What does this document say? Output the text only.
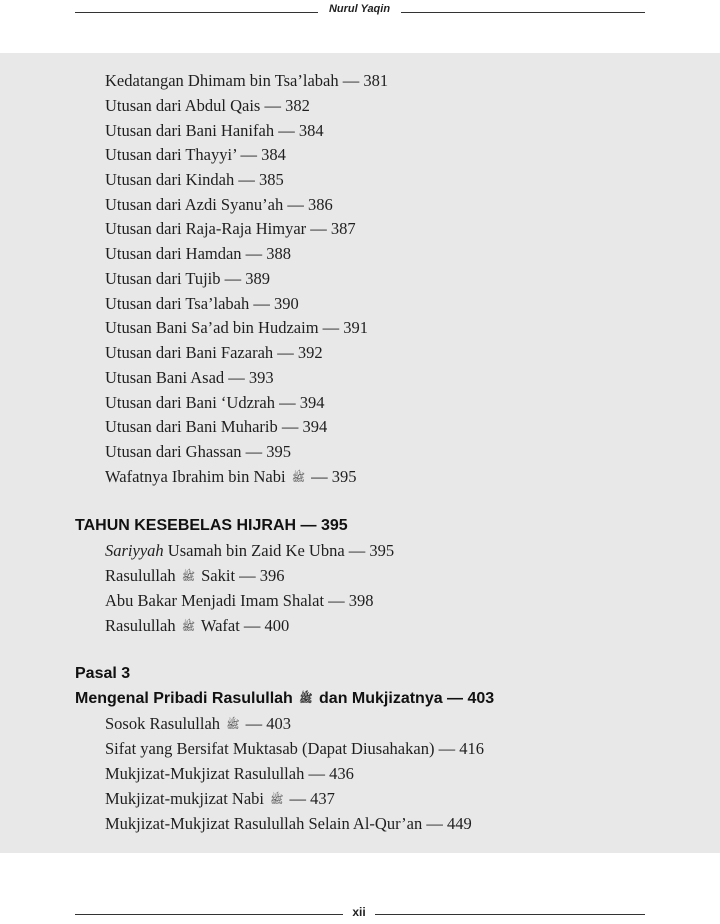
Nurul Yaqin
Kedatangan Dhimam bin Tsa’labah — 381
Utusan dari Abdul Qais — 382
Utusan dari Bani Hanifah — 384
Utusan dari Thayyi’ — 384
Utusan dari Kindah — 385
Utusan dari Azdi Syanu’ah — 386
Utusan dari Raja-Raja Himyar — 387
Utusan dari Hamdan — 388
Utusan dari Tujib — 389
Utusan dari Tsa’labah — 390
Utusan Bani Sa’ad bin Hudzaim — 391
Utusan dari Bani Fazarah — 392
Utusan Bani Asad — 393
Utusan dari Bani ‘Udzrah — 394
Utusan dari Bani Muharib — 394
Utusan dari Ghassan — 395
Wafatnya Ibrahim bin Nabi ﷺ — 395
TAHUN KESEBELAS HIJRAH — 395
Sariyyah Usamah bin Zaid Ke Ubna — 395
Rasulullah ﷺ Sakit — 396
Abu Bakar Menjadi Imam Shalat — 398
Rasulullah ﷺ Wafat — 400
Pasal 3
Mengenal Pribadi Rasulullah ﷺ dan Mukjizatnya — 403
Sosok Rasulullah ﷺ — 403
Sifat yang Bersifat Muktasab (Dapat Diusahakan) — 416
Mukjizat-Mukjizat Rasulullah — 436
Mukjizat-mukjizat Nabi ﷺ — 437
Mukjizat-Mukjizat Rasulullah Selain Al-Qur’an — 449
xii
